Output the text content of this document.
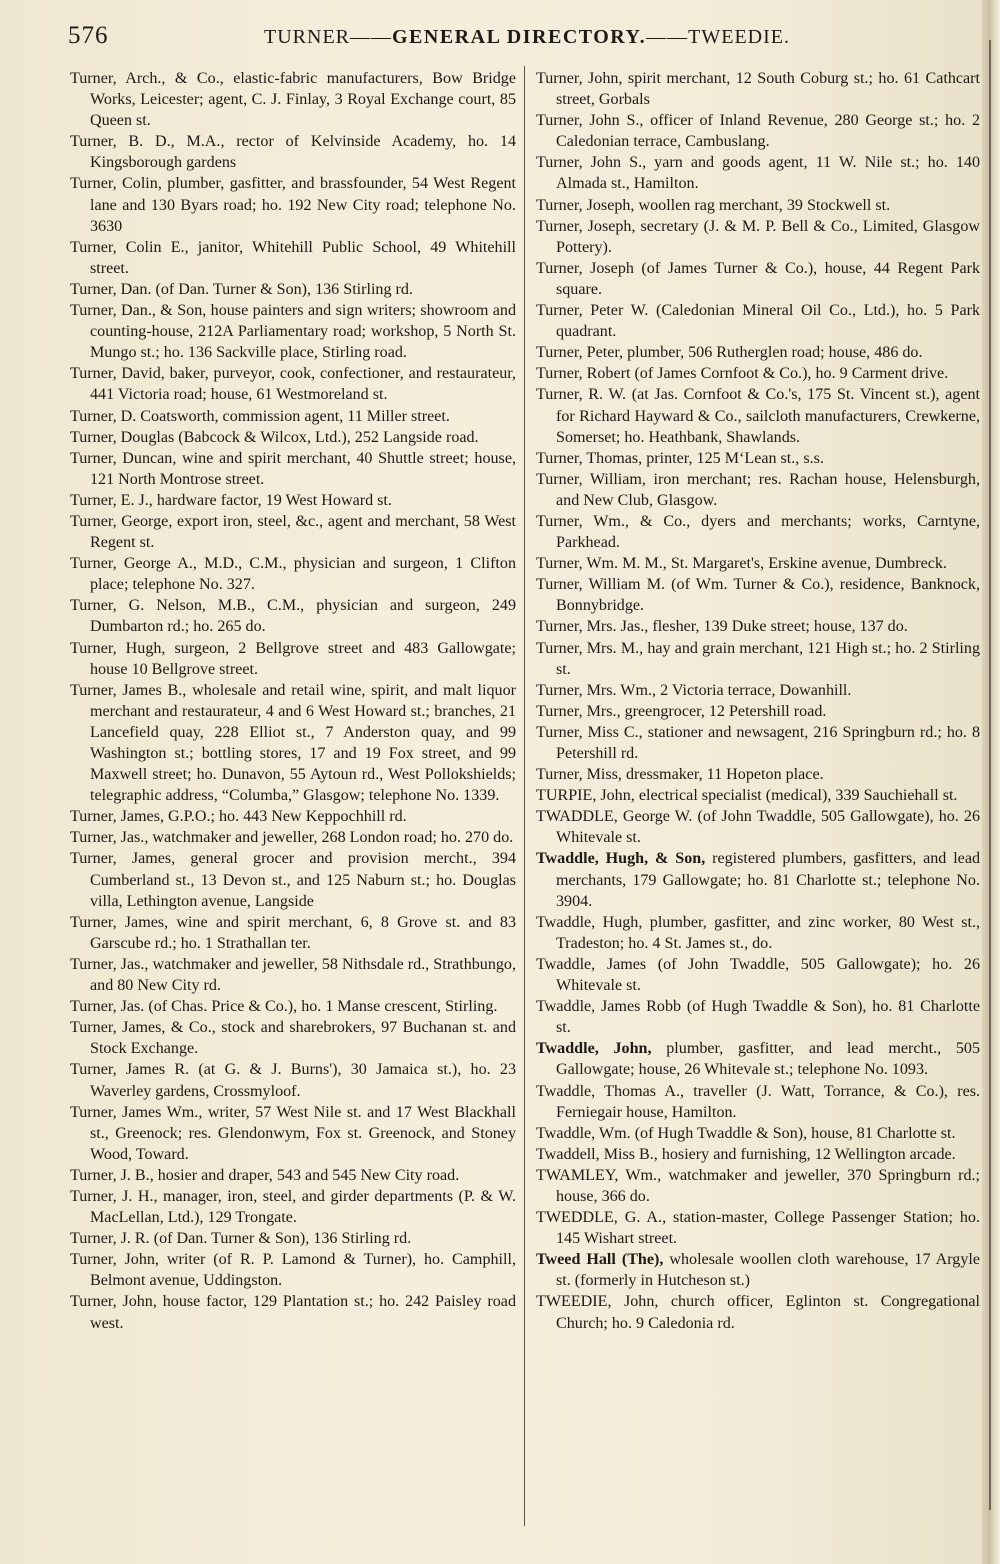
576	TURNER——GENERAL DIRECTORY.——TWEEDIE.

Turner, Arch., & Co., elastic-fabric manufacturers, Bow Bridge Works, Leicester; agent, C. J. Finlay, 3 Royal Exchange court, 85 Queen st.

Turner, B. D., M.A., rector of Kelvinside Academy, ho. 14 Kingsborough gardens

Turner, Colin, plumber, gasfitter, and brassfounder, 54 West Regent lane and 130 Byars road; ho. 192 New City road; telephone No. 3630

Turner, Colin E., janitor, Whitehill Public School, 49 Whitehill street.

Turner, Dan. (of Dan. Turner & Son), 136 Stirling rd.

Turner, Dan., & Son, house painters and sign writers; showroom and counting-house, 212A Parliamentary road; workshop, 5 North St. Mungo st.; ho. 136 Sackville place, Stirling road.

Turner, David, baker, purveyor, cook, confectioner, and restaurateur, 441 Victoria road; house, 61 Westmoreland st.

Turner, D. Coatsworth, commission agent, 11 Miller street.

Turner, Douglas (Babcock & Wilcox, Ltd.), 252 Langside road.

Turner, Duncan, wine and spirit merchant, 40 Shuttle street; house, 121 North Montrose street.

Turner, E. J., hardware factor, 19 West Howard st.

Turner, George, export iron, steel, &c., agent and merchant, 58 West Regent st.

Turner, George A., M.D., C.M., physician and surgeon, 1 Clifton place; telephone No. 327.

Turner, G. Nelson, M.B., C.M., physician and surgeon, 249 Dumbarton rd.; ho. 265 do.

Turner, Hugh, surgeon, 2 Bellgrove street and 483 Gallowgate; house 10 Bellgrove street.

Turner, James B., wholesale and retail wine, spirit, and malt liquor merchant and restaurateur, 4 and 6 West Howard st.; branches, 21 Lancefield quay, 228 Elliot st., 7 Anderston quay, and 99 Washington st.; bottling stores, 17 and 19 Fox street, and 99 Maxwell street; ho. Dunavon, 55 Aytoun rd., West Pollokshields; telegraphic address, “Columba,” Glasgow; telephone No. 1339.

Turner, James, G.P.O.; ho. 443 New Keppochhill rd.

Turner, Jas., watchmaker and jeweller, 268 London road; ho. 270 do.

Turner, James, general grocer and provision mercht., 394 Cumberland st., 13 Devon st., and 125 Naburn st.; ho. Douglas villa, Lethington avenue, Langside

Turner, James, wine and spirit merchant, 6, 8 Grove st. and 83 Garscube rd.; ho. 1 Strathallan ter.

Turner, Jas., watchmaker and jeweller, 58 Nithsdale rd., Strathbungo, and 80 New City rd.

Turner, Jas. (of Chas. Price & Co.), ho. 1 Manse crescent, Stirling.

Turner, James, & Co., stock and sharebrokers, 97 Buchanan st. and Stock Exchange.

Turner, James R. (at G. & J. Burns'), 30 Jamaica st.), ho. 23 Waverley gardens, Crossmyloof.

Turner, James Wm., writer, 57 West Nile st. and 17 West Blackhall st., Greenock; res. Glendonwym, Fox st. Greenock, and Stoney Wood, Toward.

Turner, J. B., hosier and draper, 543 and 545 New City road.

Turner, J. H., manager, iron, steel, and girder departments (P. & W. MacLellan, Ltd.), 129 Trongate.

Turner, J. R. (of Dan. Turner & Son), 136 Stirling rd.

Turner, John, writer (of R. P. Lamond & Turner), ho. Camphill, Belmont avenue, Uddingston.

Turner, John, house factor, 129 Plantation st.; ho. 242 Paisley road west.

Turner, John, spirit merchant, 12 South Coburg st.; ho. 61 Cathcart street, Gorbals

Turner, John S., officer of Inland Revenue, 280 George st.; ho. 2 Caledonian terrace, Cambuslang.

Turner, John S., yarn and goods agent, 11 W. Nile st.; ho. 140 Almada st., Hamilton.

Turner, Joseph, woollen rag merchant, 39 Stockwell st.

Turner, Joseph, secretary (J. & M. P. Bell & Co., Limited, Glasgow Pottery).

Turner, Joseph (of James Turner & Co.), house, 44 Regent Park square.

Turner, Peter W. (Caledonian Mineral Oil Co., Ltd.), ho. 5 Park quadrant.

Turner, Peter, plumber, 506 Rutherglen road; house, 486 do.

Turner, Robert (of James Cornfoot & Co.), ho. 9 Carment drive.

Turner, R. W. (at Jas. Cornfoot & Co.'s, 175 St. Vincent st.), agent for Richard Hayward & Co., sailcloth manufacturers, Crewkerne, Somerset; ho. Heathbank, Shawlands.

Turner, Thomas, printer, 125 M‘Lean st., s.s.

Turner, William, iron merchant; res. Rachan house, Helensburgh, and New Club, Glasgow.

Turner, Wm., & Co., dyers and merchants; works, Carntyne, Parkhead.

Turner, Wm. M. M., St. Margaret's, Erskine avenue, Dumbreck.

Turner, William M. (of Wm. Turner & Co.), residence, Banknock, Bonnybridge.

Turner, Mrs. Jas., flesher, 139 Duke street; house, 137 do.

Turner, Mrs. M., hay and grain merchant, 121 High st.; ho. 2 Stirling st.

Turner, Mrs. Wm., 2 Victoria terrace, Dowanhill.

Turner, Mrs., greengrocer, 12 Petershill road.

Turner, Miss C., stationer and newsagent, 216 Springburn rd.; ho. 8 Petershill rd.

Turner, Miss, dressmaker, 11 Hopeton place.

TURPIE, John, electrical specialist (medical), 339 Sauchiehall st.

TWADDLE, George W. (of John Twaddle, 505 Gallowgate), ho. 26 Whitevale st.

Twaddle, Hugh, & Son, registered plumbers, gasfitters, and lead merchants, 179 Gallowgate; ho. 81 Charlotte st.; telephone No. 3904.

Twaddle, Hugh, plumber, gasfitter, and zinc worker, 80 West st., Tradeston; ho. 4 St. James st., do.

Twaddle, James (of John Twaddle, 505 Gallowgate); ho. 26 Whitevale st.

Twaddle, James Robb (of Hugh Twaddle & Son), ho. 81 Charlotte st.

Twaddle, John, plumber, gasfitter, and lead mercht., 505 Gallowgate; house, 26 Whitevale st.; telephone No. 1093.

Twaddle, Thomas A., traveller (J. Watt, Torrance, & Co.), res. Ferniegair house, Hamilton.

Twaddle, Wm. (of Hugh Twaddle & Son), house, 81 Charlotte st.

Twaddell, Miss B., hosiery and furnishing, 12 Wellington arcade.

TWAMLEY, Wm., watchmaker and jeweller, 370 Springburn rd.; house, 366 do.

TWEDDLE, G. A., station-master, College Passenger Station; ho. 145 Wishart street.

Tweed Hall (The), wholesale woollen cloth warehouse, 17 Argyle st. (formerly in Hutcheson st.)

TWEEDIE, John, church officer, Eglinton st. Congregational Church; ho. 9 Caledonia rd.
